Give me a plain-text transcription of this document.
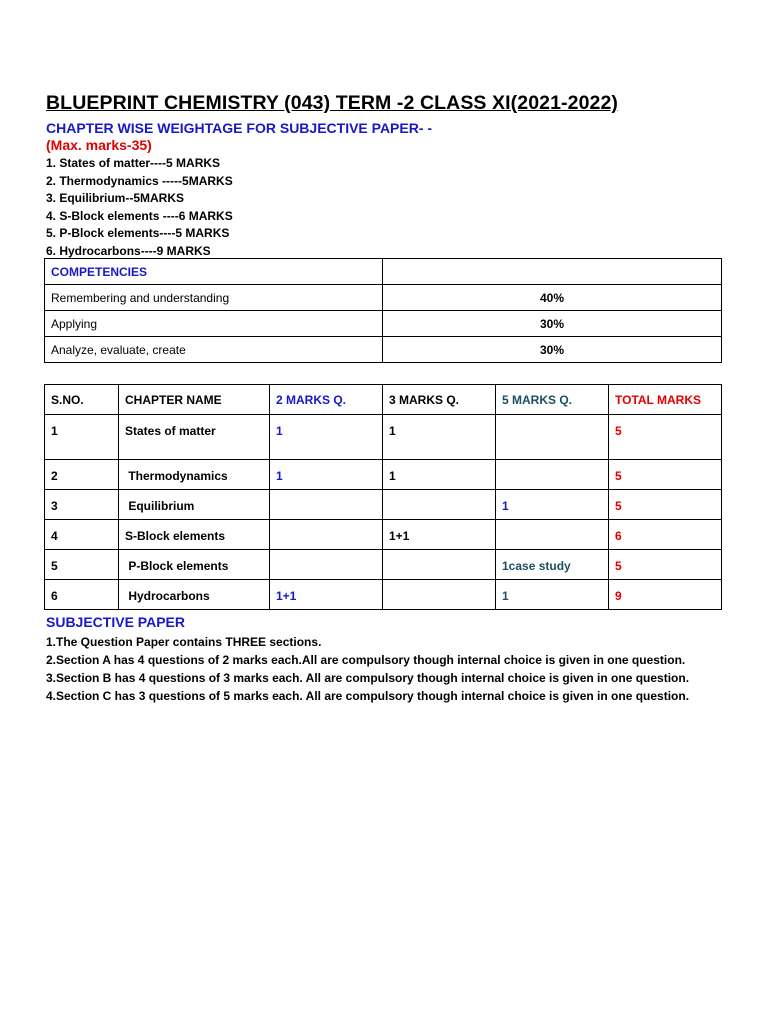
BLUEPRINT CHEMISTRY (043) TERM -2 CLASS XI(2021-2022)
CHAPTER WISE WEIGHTAGE FOR SUBJECTIVE PAPER- -
(Max. marks-35)
1. States of matter----5 MARKS
2. Thermodynamics -----5MARKS
3. Equilibrium--5MARKS
4. S-Block elements ----6 MARKS
5. P-Block elements----5 MARKS
6. Hydrocarbons----9 MARKS
COMPETENCIES	
Remembering and understanding	40%
Applying	30%
Analyze, evaluate, create	30%
S.NO.	CHAPTER NAME	2 MARKS Q.	3 MARKS Q.	5 MARKS Q.	TOTAL MARKS
1	States of matter	1	1		5
2	Thermodynamics	1	1		5
3	Equilibrium			1	5
4	S-Block elements		1+1		6
5	P-Block elements			1case study	5
6	Hydrocarbons	1+1		1	9
SUBJECTIVE PAPER
1.The Question Paper contains THREE sections.
2.Section A has 4 questions of 2 marks each.All are compulsory though internal choice is given in one question.
3.Section B has 4 questions of 3 marks each. All are compulsory though internal choice is given in one question.
4.Section C has 3 questions of 5 marks each. All are compulsory though internal choice is given in one question.
